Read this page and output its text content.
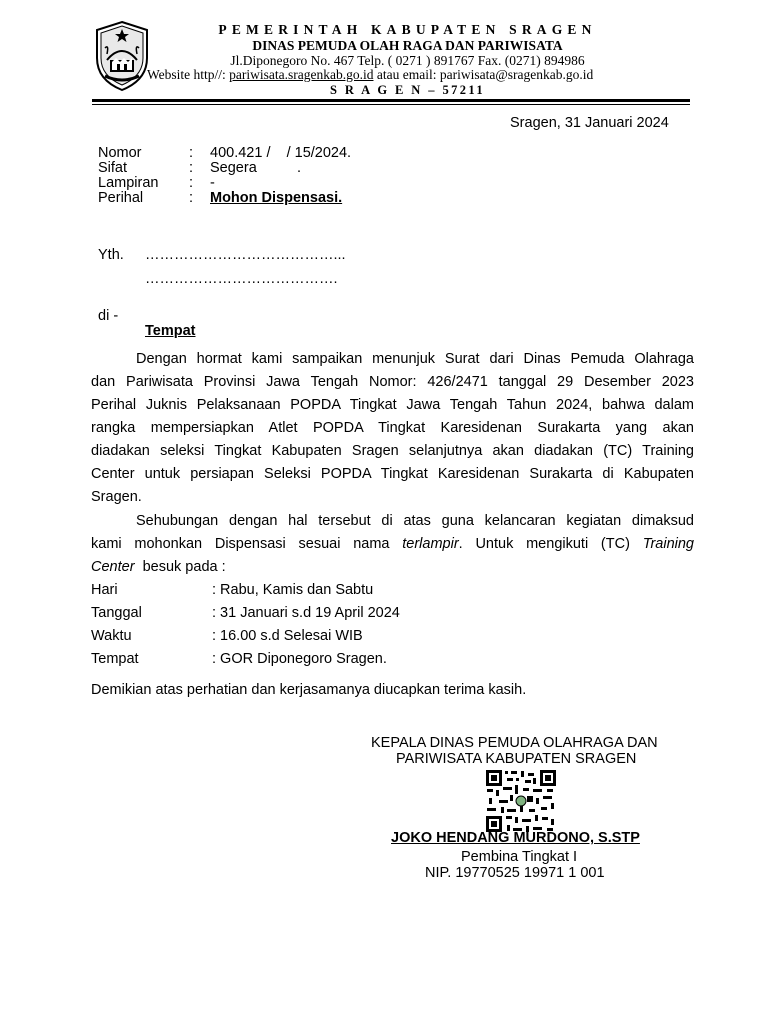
PEMERINTAH KABUPATEN SRAGEN
DINAS PEMUDA OLAH RAGA DAN PARIWISATA
Jl.Diponegoro No. 467 Telp. ( 0271 ) 891767 Fax. (0271) 894986
Website http//: pariwisata.sragenkab.go.id atau email: pariwisata@sragenkab.go.id
S R A G E N – 57211
Sragen, 31 Januari 2024
Nomor	: 400.421 /    / 15/2024.
Sifat	: Segera          .
Lampiran : -
Perihal	: Mohon Dispensasi.
Yth. …………………………………...
………………………………….
di -
Tempat
Dengan hormat kami sampaikan menunjuk Surat dari Dinas Pemuda Olahraga
dan Pariwisata Provinsi Jawa Tengah Nomor: 426/2471 tanggal 29 Desember 2023
Perihal Juknis Pelaksanaan POPDA Tingkat Jawa Tengah Tahun 2024, bahwa dalam
rangka mempersiapkan Atlet POPDA Tingkat Karesidenan Surakarta yang akan
diadakan seleksi Tingkat Kabupaten Sragen selanjutnya akan diadakan (TC) Training
Center untuk persiapan Seleksi POPDA Tingkat Karesidenan Surakarta di Kabupaten
Sragen.
Sehubungan dengan hal tersebut di atas guna kelancaran kegiatan dimaksud
kami mohonkan Dispensasi sesuai nama terlampir. Untuk mengikuti (TC) Training
Center  besuk pada :
Hari	: Rabu, Kamis dan Sabtu
Tanggal	: 31 Januari s.d 19 April 2024
Waktu	: 16.00 s.d Selesai WIB
Tempat	: GOR Diponegoro Sragen.
Demikian atas perhatian dan kerjasamanya diucapkan terima kasih.
KEPALA DINAS PEMUDA OLAHRAGA DAN
PARIWISATA KABUPATEN SRAGEN
JOKO HENDANG MURDONO, S.STP
Pembina Tingkat I
NIP. 19770525 19971 1 001
